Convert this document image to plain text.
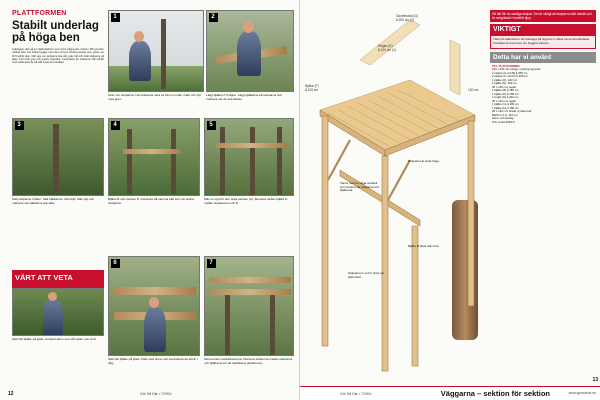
PLATTFORMEN
Stabilt underlag på höga ben
Lekstugan vilar på en stabil plattform som övrar några plus i basen. Blir grunden rubbad eller inte lodrät bygger man den på fyra robusta stolpar som grävs ner till frostfritt djup. Mät upp var stolparna ska stå, gräv hål och ställ stolparna på plats. Fyll med grus och packa ordentligt. Kontrollera att stolparna står lodrätt med vattenpass åt två håll innan du fortsätter.
1
Gräv ner stolparna. Låt stolparna vara ca 60 cm under mark och fyll med grus.
2
Lägg bjälken H någon. Lägg bjälkarna på stolparna och markera var de ska fästas.
3
Sätt stolparna i hålen. Sätt bjälkarna i rätt höjd. Mät upp och markera var bjälkarna ska sitta.
4
Bjälke B och stolpen D monteras på samma sätt som de andra stolparna.
5
Mät nu upp för den sista stolpen (A). Montera sedan bjälke D mellan stolparna A och D.
VÄRT ATT VETA
Sätt rätt bjälke på plats. Använd skruv som tål väder och vind.
6
Sätt rätt bjälke på plats. Fäst med skruv och kontrollera att allt är i våg.
7
Skruva fast sneddsträvorna. Montera strävorna mellan stolparna och bjälkarna för att stabilisera plattformen.
12	Gör Så Här • 7/2004
Gavelbräda (G)
å 200 cm (2)
Reglar (E)
å 120 cm (4)
Bjälke (F)
å 120 cm	120 cm
Stolparna är sista höga.
Värna med en såga vertikalt som behövs för stolparna och bjälkarna.
Bjälke B fästs utan bult.
Stolparna C och F sitter på plats först.
Så här får du stadiga stolpar. Det är viktigt att stolparna står lodrätt och är nedgrävda i frostfritt djup.
VIKTIGT
Tänk på säkerheten. En lekstuga på höga ben måste ha ett skyddsräcke. Kontakta din kommun om bygglov behövs.
Detta har vi använt
TILL PLATTFORMEN
100 x 100 mm stolpe, tryckimpregnerat
2 stolpar (A och B) å 255 cm
2 stolpar (C och D) å 305 cm
1 bjälke (D), 420 cm
1 bjälke (E), 420 cm
45 x 145 mm reglar
1 bjälke (B) å 180 cm
1 bjälke (D) å 180 cm
2 reglar (E) å 200 cm
45 x 120 mm reglar
1 bjälke (G) å 180 cm
1 bjälke (H) å 180 cm
28 x 120 mm bräda, hyvlad trall
Bärlinor 2 st, 410 cm
Skruv och beslag
Pris: Cirka 2900 kr
Väggarna – sektion för sektion	www.gorsahar.se
Gör Så Här • 7/2004
13
